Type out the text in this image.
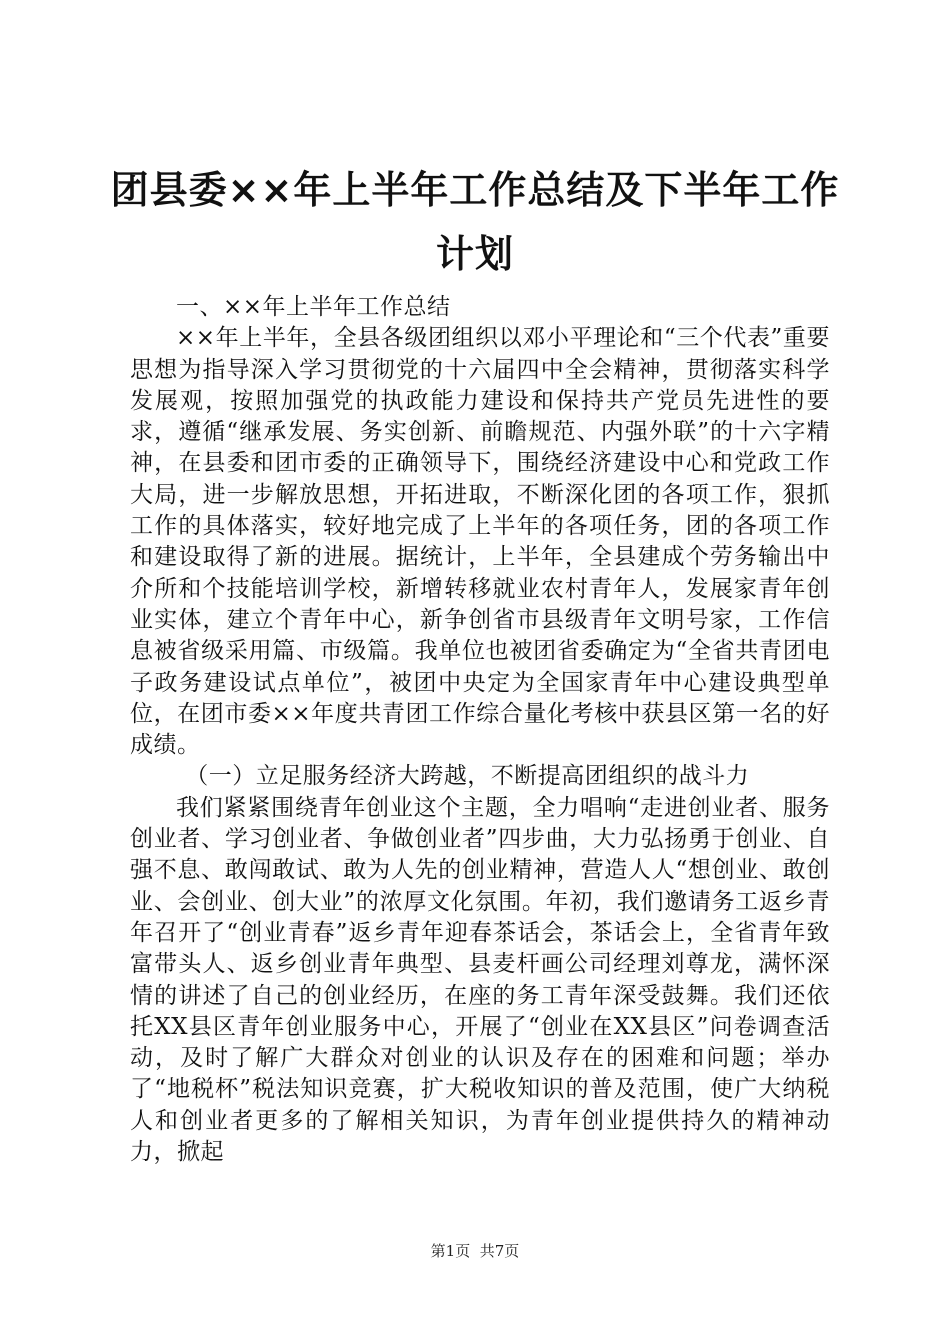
团县委××年上半年工作总结及下半年工作计划

一、××年上半年工作总结

××年上半年，全县各级团组织以邓小平理论和“三个代表”重要思想为指导深入学习贯彻党的十六届四中全会精神，贯彻落实科学发展观，按照加强党的执政能力建设和保持共产党员先进性的要求，遵循“继承发展、务实创新、前瞻规范、内强外联”的十六字精神，在县委和团市委的正确领导下，围绕经济建设中心和党政工作大局，进一步解放思想，开拓进取，不断深化团的各项工作，狠抓工作的具体落实，较好地完成了上半年的各项任务，团的各项工作和建设取得了新的进展。据统计，上半年，全县建成个劳务输出中介所和个技能培训学校，新增转移就业农村青年人，发展家青年创业实体，建立个青年中心，新争创省市县级青年文明号家，工作信息被省级采用篇、市级篇。我单位也被团省委确定为“全省共青团电子政务建设试点单位”，被团中央定为全国家青年中心建设典型单位，在团市委××年度共青团工作综合量化考核中获县区第一名的好成绩。

（一）立足服务经济大跨越，不断提高团组织的战斗力

我们紧紧围绕青年创业这个主题，全力唱响“走进创业者、服务创业者、学习创业者、争做创业者”四步曲，大力弘扬勇于创业、自强不息、敢闯敢试、敢为人先的创业精神，营造人人“想创业、敢创业、会创业、创大业”的浓厚文化氛围。年初，我们邀请务工返乡青年召开了“创业青春”返乡青年迎春茶话会，茶话会上，全省青年致富带头人、返乡创业青年典型、县麦杆画公司经理刘尊龙，满怀深情的讲述了自己的创业经历，在座的务工青年深受鼓舞。我们还依托XX县区青年创业服务中心，开展了“创业在XX县区”问卷调查活动，及时了解广大群众对创业的认识及存在的困难和问题；举办了“地税杯”税法知识竞赛，扩大税收知识的普及范围，使广大纳税人和创业者更多的了解相关知识，为青年创业提供持久的精神动力，掀起

第1页 共7页
